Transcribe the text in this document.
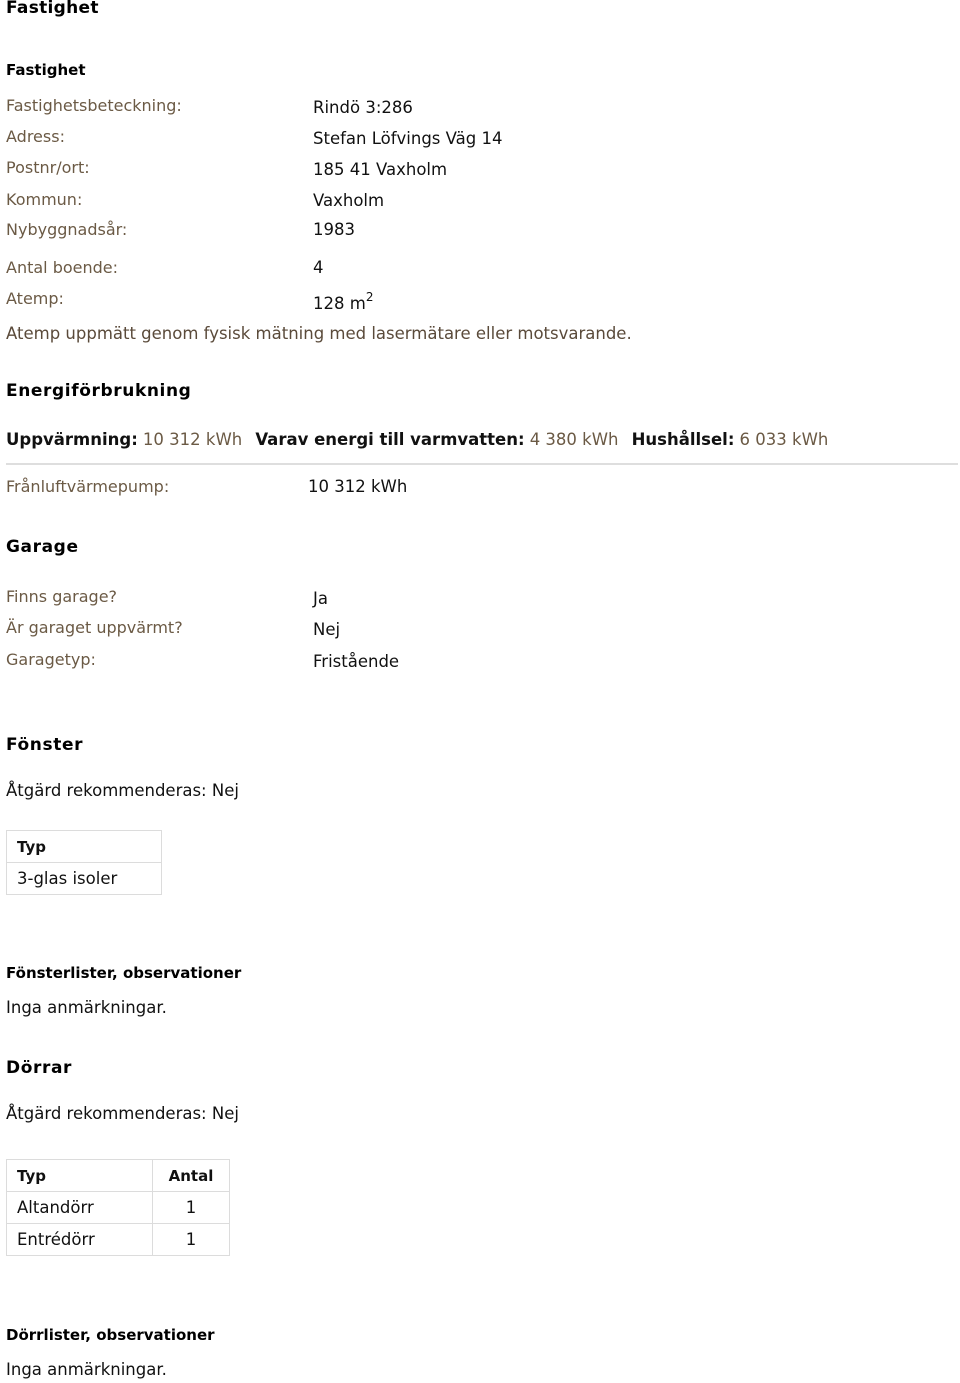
Fastighet
Fastighet
Fastighetsbeteckning:	Rindö 3:286
Adress:	Stefan Löfvings Väg 14
Postnr/ort:	185 41 Vaxholm
Kommun:	Vaxholm
Nybyggnadsår:	1983
Antal boende:	4
Atemp:	128 $m^2$
Atemp uppmätt genom fysisk mätning med lasermätare eller motsvarande.
Energiförbrukning
Uppvärmning: 10 312 kWh Varav energi till varmvatten: 4 380 kWh Hushållsel: 6 033 kWh
Frånluftvärmepump:	10 312 kWh
Garage
Finns garage?	Ja
Är garaget uppvärmt?	Nej
Garagetyp:	Fristående
Fönster
Åtgärd rekommenderas: Nej
Typ
3-glas isoler
Fönsterlister, observationer
Inga anmärkningar.
Dörrar
Åtgärd rekommenderas: Nej
Typ	Antal
Altandörr	1
Entrédörr	1
Dörrlister, observationer
Inga anmärkningar.
